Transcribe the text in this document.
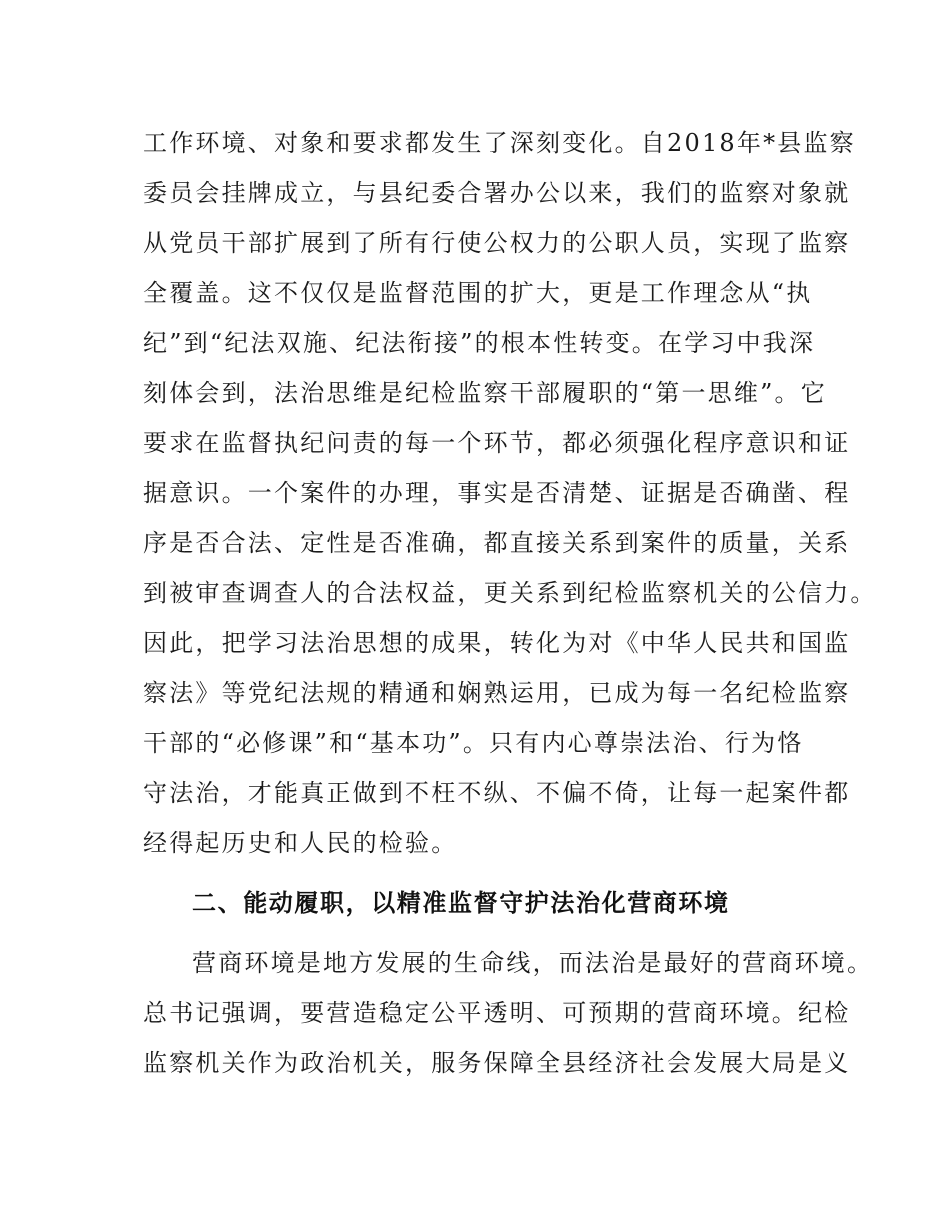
工作环境、对象和要求都发生了深刻变化。自2018年*县监察
委员会挂牌成立，与县纪委合署办公以来，我们的监察对象就
从党员干部扩展到了所有行使公权力的公职人员，实现了监察
全覆盖。这不仅仅是监督范围的扩大，更是工作理念从“执
纪”到“纪法双施、纪法衔接”的根本性转变。在学习中我深
刻体会到，法治思维是纪检监察干部履职的“第一思维”。它
要求在监督执纪问责的每一个环节，都必须强化程序意识和证
据意识。一个案件的办理，事实是否清楚、证据是否确凿、程
序是否合法、定性是否准确，都直接关系到案件的质量，关系
到被审查调查人的合法权益，更关系到纪检监察机关的公信力。
因此，把学习法治思想的成果，转化为对《中华人民共和国监
察法》等党纪法规的精通和娴熟运用，已成为每一名纪检监察
干部的“必修课”和“基本功”。只有内心尊崇法治、行为恪
守法治，才能真正做到不枉不纵、不偏不倚，让每一起案件都
经得起历史和人民的检验。
二、能动履职，以精准监督守护法治化营商环境
营商环境是地方发展的生命线，而法治是最好的营商环境。
总书记强调，要营造稳定公平透明、可预期的营商环境。纪检
监察机关作为政治机关，服务保障全县经济社会发展大局是义
